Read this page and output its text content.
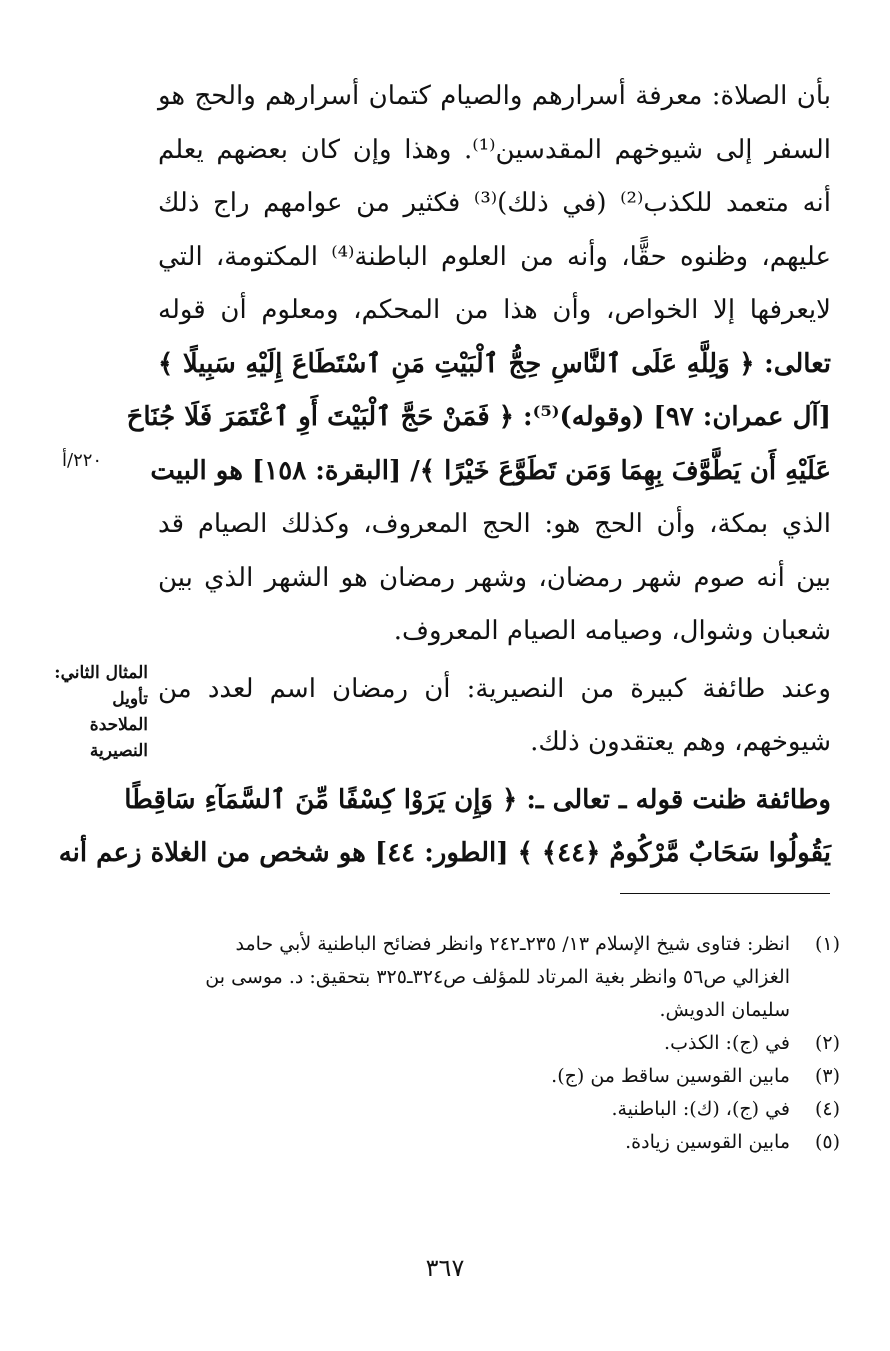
بأن الصلاة: معرفة أسرارهم والصيام كتمان أسرارهم والحج هو
السفر إلى شيوخهم المقدسين⁽¹⁾. وهذا وإن كان بعضهم يعلم
أنه متعمد للكذب⁽²⁾ (في ذلك)⁽³⁾ فكثير من عوامهم راج ذلك
عليهم، وظنوه حقًّا، وأنه من العلوم الباطنة⁽⁴⁾ المكتومة، التي
لايعرفها إلا الخواص، وأن هذا من المحكم، ومعلوم أن قوله
تعالى: ﴿ وَلِلَّهِ عَلَى ٱلنَّاسِ حِجُّ ٱلْبَيْتِ مَنِ ٱسْتَطَاعَ إِلَيْهِ سَبِيلًا ﴾
[آل عمران: ٩٧] (وقوله)⁽⁵⁾: ﴿ فَمَنْ حَجَّ ٱلْبَيْتَ أَوِ ٱعْتَمَرَ فَلَا جُنَاحَ
عَلَيْهِ أَن يَطَّوَّفَ بِهِمَا وَمَن تَطَوَّعَ خَيْرًا ﴾/ [البقرة: ١٥٨] هو البيت
الذي بمكة، وأن الحج هو: الحج المعروف، وكذلك الصيام قد
بين أنه صوم شهر رمضان، وشهر رمضان هو الشهر الذي بين
شعبان وشوال، وصيامه الصيام المعروف.
وعند طائفة كبيرة من النصيرية: أن رمضان اسم لعدد من
شيوخهم، وهم يعتقدون ذلك.
وطائفة ظنت قوله ـ تعالى ـ: ﴿ وَإِن يَرَوْا كِسْفًا مِّنَ ٱلسَّمَآءِ سَاقِطًا
يَقُولُوا سَحَابٌ مَّرْكُومٌ ﴿٤٤﴾ ﴾ [الطور: ٤٤] هو شخص من الغلاة زعم أنه
٢٢٠/أ
المثال الثاني:
تأويل
الملاحدة
النصيرية
(١)
انظر: فتاوى شيخ الإسلام ١٣/ ٢٣٥ـ٢٤٢ وانظر فضائح الباطنية لأبي حامد
الغزالي ص٥٦ وانظر بغية المرتاد للمؤلف ص٣٢٤ـ٣٢٥ بتحقيق: د. موسى بن
سليمان الدويش.
(٢)
في (ج): الكذب.
(٣)
مابين القوسين ساقط من (ج).
(٤)
في (ج)، (ك): الباطنية.
(٥)
مابين القوسين زيادة.
٣٦٧
